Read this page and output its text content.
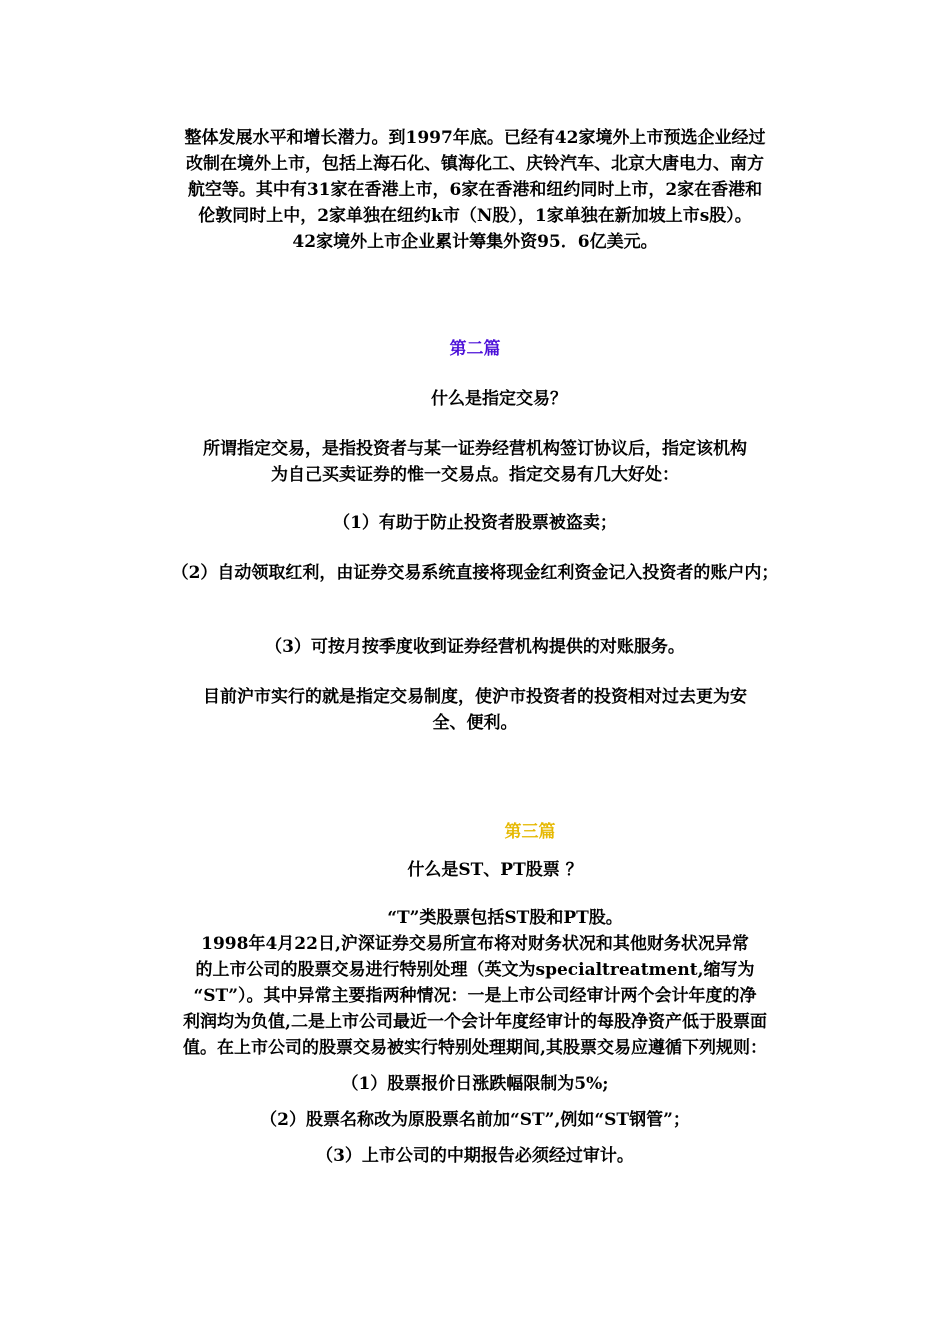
整体发展水平和增长潜力。到1997年底。已经有42家境外上市预选企业经过

改制在境外上市，包括上海石化、镇海化工、庆铃汽车、北京大唐电力、南方

航空等。其中有31家在香港上市，6家在香港和纽约同时上市，2家在香港和

伦敦同时上中，2家单独在纽约k市（N股），1家单独在新加坡上市s股）。

42家境外上市企业累计筹集外资95．6亿美元。

第二篇

什么是指定交易？

所谓指定交易，是指投资者与某一证券经营机构签订协议后，指定该机构

为自己买卖证券的惟一交易点。指定交易有几大好处：

（1）有助于防止投资者股票被盗卖；

（2）自动领取红利，由证券交易系统直接将现金红利资金记入投资者的账户内；

（3）可按月按季度收到证券经营机构提供的对账服务。

目前沪市实行的就是指定交易制度，使沪市投资者的投资相对过去更为安

全、便利。

第三篇

什么是ST、PT股票 ？

“T”类股票包括ST股和PT股。

1998年4月22日,沪深证券交易所宣布将对财务状况和其他财务状况异常

的上市公司的股票交易进行特别处理（英文为specialtreatment,缩写为

“ST”）。其中异常主要指两种情况：一是上市公司经审计两个会计年度的净

利润均为负值,二是上市公司最近一个会计年度经审计的每股净资产低于股票面

值。在上市公司的股票交易被实行特别处理期间,其股票交易应遵循下列规则：

（1）股票报价日涨跌幅限制为5%;

（2）股票名称改为原股票名前加“ST”,例如“ST钢管”；

（3）上市公司的中期报告必须经过审计。
